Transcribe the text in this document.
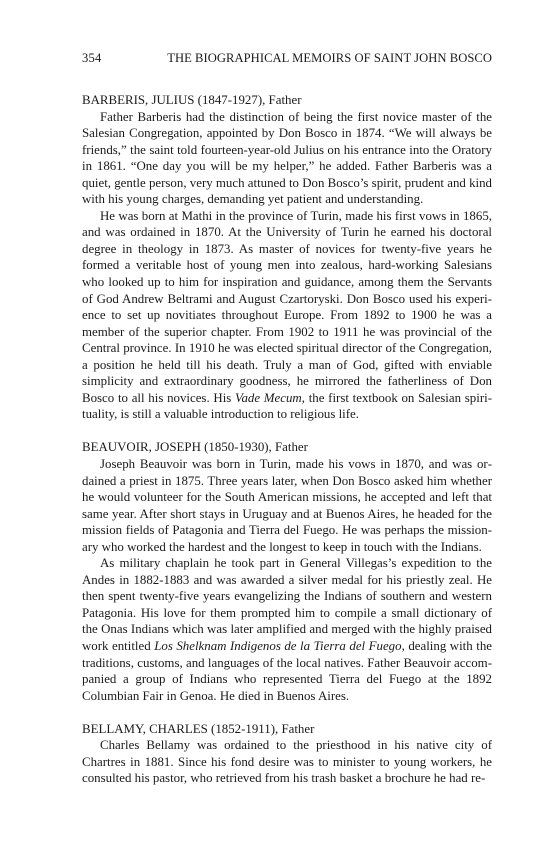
354	THE BIOGRAPHICAL MEMOIRS OF SAINT JOHN BOSCO
BARBERIS, JULIUS (1847-1927), Father

Father Barberis had the distinction of being the first novice master of the Salesian Congregation, appointed by Don Bosco in 1874. “We will always be friends,” the saint told fourteen-year-old Julius on his entrance into the Oratory in 1861. “One day you will be my helper,” he added. Father Barberis was a quiet, gentle person, very much attuned to Don Bosco’s spirit, prudent and kind with his young charges, demanding yet patient and understanding.

He was born at Mathi in the province of Turin, made his first vows in 1865, and was ordained in 1870. At the University of Turin he earned his doctoral degree in theology in 1873. As master of novices for twenty-five years he formed a veritable host of young men into zealous, hard-working Salesians who looked up to him for inspiration and guidance, among them the Servants of God Andrew Beltrami and August Czartoryski. Don Bosco used his experience to set up novitiates throughout Europe. From 1892 to 1900 he was a member of the superior chapter. From 1902 to 1911 he was provincial of the Central province. In 1910 he was elected spiritual director of the Congregation, a position he held till his death. Truly a man of God, gifted with enviable simplicity and extraordinary goodness, he mirrored the fatherliness of Don Bosco to all his novices. His Vade Mecum, the first textbook on Salesian spirituality, is still a valuable introduction to religious life.

BEAUVOIR, JOSEPH (1850-1930), Father

Joseph Beauvoir was born in Turin, made his vows in 1870, and was ordained a priest in 1875. Three years later, when Don Bosco asked him whether he would volunteer for the South American missions, he accepted and left that same year. After short stays in Uruguay and at Buenos Aires, he headed for the mission fields of Patagonia and Tierra del Fuego. He was perhaps the missionary who worked the hardest and the longest to keep in touch with the Indians.

As military chaplain he took part in General Villegas’s expedition to the Andes in 1882-1883 and was awarded a silver medal for his priestly zeal. He then spent twenty-five years evangelizing the Indians of southern and western Patagonia. His love for them prompted him to compile a small dictionary of the Onas Indians which was later amplified and merged with the highly praised work entitled Los Shelknam Indigenos de la Tierra del Fuego, dealing with the traditions, customs, and languages of the local natives. Father Beauvoir accompanied a group of Indians who represented Tierra del Fuego at the 1892 Columbian Fair in Genoa. He died in Buenos Aires.

BELLAMY, CHARLES (1852-1911), Father

Charles Bellamy was ordained to the priesthood in his native city of Chartres in 1881. Since his fond desire was to minister to young workers, he consulted his pastor, who retrieved from his trash basket a brochure he had re-
